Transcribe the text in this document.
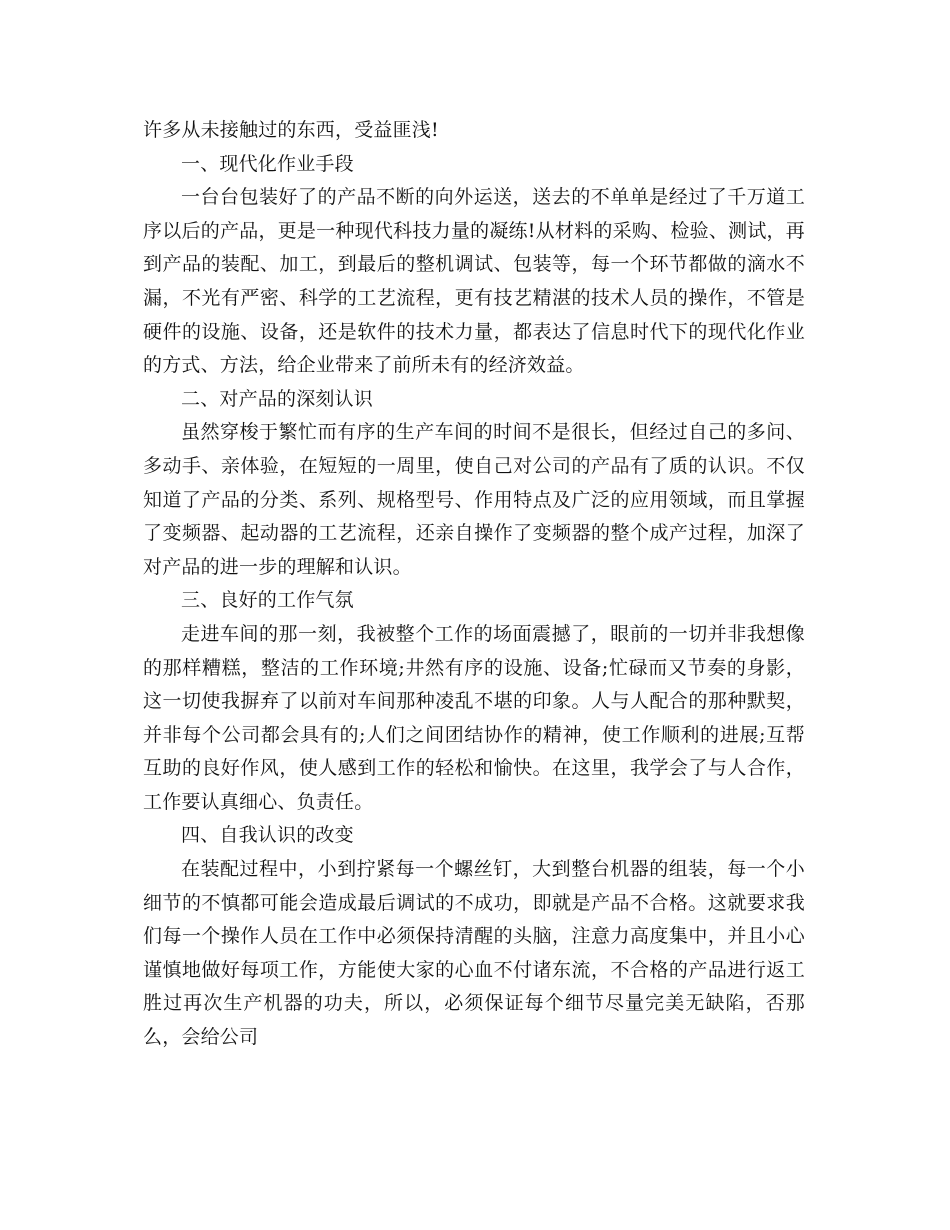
许多从未接触过的东西，受益匪浅!

一、现代化作业手段

一台台包装好了的产品不断的向外运送，送去的不单单是经过了千万道工序以后的产品，更是一种现代科技力量的凝练!从材料的采购、检验、测试，再到产品的装配、加工，到最后的整机调试、包装等，每一个环节都做的滴水不漏，不光有严密、科学的工艺流程，更有技艺精湛的技术人员的操作，不管是硬件的设施、设备，还是软件的技术力量，都表达了信息时代下的现代化作业的方式、方法，给企业带来了前所未有的经济效益。

二、对产品的深刻认识

虽然穿梭于繁忙而有序的生产车间的时间不是很长，但经过自己的多问、多动手、亲体验，在短短的一周里，使自己对公司的产品有了质的认识。不仅知道了产品的分类、系列、规格型号、作用特点及广泛的应用领域，而且掌握了变频器、起动器的工艺流程，还亲自操作了变频器的整个成产过程，加深了对产品的进一步的理解和认识。

三、良好的工作气氛

走进车间的那一刻，我被整个工作的场面震撼了，眼前的一切并非我想像的那样糟糕，整洁的工作环境;井然有序的设施、设备;忙碌而又节奏的身影，这一切使我摒弃了以前对车间那种凌乱不堪的印象。人与人配合的那种默契，并非每个公司都会具有的;人们之间团结协作的精神，使工作顺利的进展;互帮互助的良好作风，使人感到工作的轻松和愉快。在这里，我学会了与人合作，工作要认真细心、负责任。

四、自我认识的改变

在装配过程中，小到拧紧每一个螺丝钉，大到整台机器的组装，每一个小细节的不慎都可能会造成最后调试的不成功，即就是产品不合格。这就要求我们每一个操作人员在工作中必须保持清醒的头脑，注意力高度集中，并且小心谨慎地做好每项工作，方能使大家的心血不付诸东流，不合格的产品进行返工胜过再次生产机器的功夫，所以，必须保证每个细节尽量完美无缺陷，否那么，会给公司
